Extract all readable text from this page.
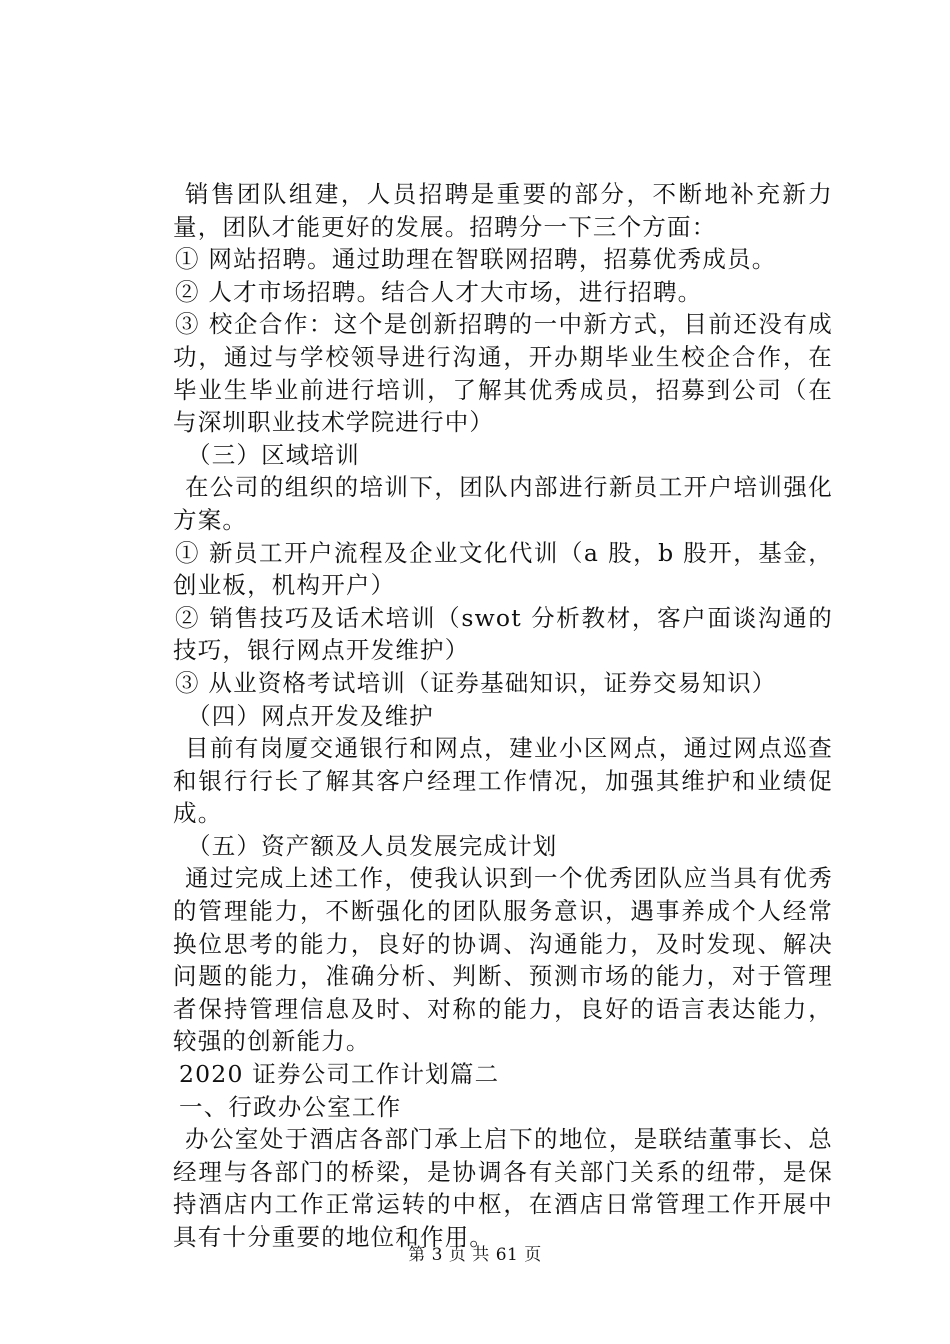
销售团队组建，人员招聘是重要的部分，不断地补充新力量，团队才能更好的发展。招聘分一下三个方面：

① 网站招聘。通过助理在智联网招聘，招募优秀成员。

② 人才市场招聘。结合人才大市场，进行招聘。

③ 校企合作：这个是创新招聘的一中新方式，目前还没有成功，通过与学校领导进行沟通，开办期毕业生校企合作，在毕业生毕业前进行培训，了解其优秀成员，招募到公司（在与深圳职业技术学院进行中）

（三）区域培训

在公司的组织的培训下，团队内部进行新员工开户培训强化方案。

① 新员工开户流程及企业文化代训（a 股，b 股开，基金，创业板，机构开户）

② 销售技巧及话术培训（swot 分析教材，客户面谈沟通的技巧，银行网点开发维护）

③ 从业资格考试培训（证券基础知识，证券交易知识）

（四）网点开发及维护

目前有岗厦交通银行和网点，建业小区网点，通过网点巡查和银行行长了解其客户经理工作情况，加强其维护和业绩促成。

（五）资产额及人员发展完成计划

通过完成上述工作，使我认识到一个优秀团队应当具有优秀的管理能力，不断强化的团队服务意识，遇事养成个人经常换位思考的能力，良好的协调、沟通能力，及时发现、解决问题的能力，准确分析、判断、预测市场的能力，对于管理者保持管理信息及时、对称的能力，良好的语言表达能力，较强的创新能力。

2020 证券公司工作计划篇二

一、行政办公室工作

办公室处于酒店各部门承上启下的地位，是联结董事长、总经理与各部门的桥梁，是协调各有关部门关系的纽带，是保持酒店内工作正常运转的中枢，在酒店日常管理工作开展中具有十分重要的地位和作用。

第 3 页 共 61 页
